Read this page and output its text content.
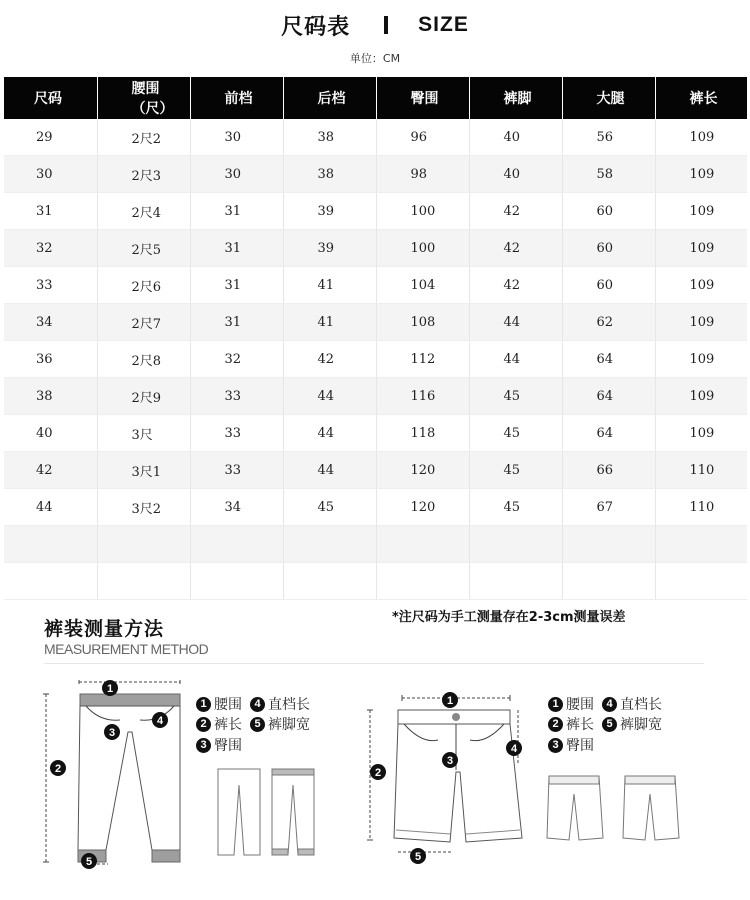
尺码表	SIZE
单位：CM
尺码	腰围（尺）	前档	后档	臀围	裤脚	大腿	裤长
29	2尺2	30	38	96	40	56	109
30	2尺3	30	38	98	40	58	109
31	2尺4	31	39	100	42	60	109
32	2尺5	31	39	100	42	60	109
33	2尺6	31	41	104	42	60	109
34	2尺7	31	41	108	44	62	109
36	2尺8	32	42	112	44	64	109
38	2尺9	33	44	116	45	64	109
40	3尺	33	44	118	45	64	109
42	3尺1	33	44	120	45	66	110
44	3尺2	34	45	120	45	67	110

裤装测量方法
MEASUREMENT METHOD
*注尺码为手工测量存在2-3cm测量误差
1
2
3
4
5
1 腰围	4 直档长
2 裤长	5 裤脚宽
3 臀围
1
2
3
4
5
1 腰围	4 直档长
2 裤长	5 裤脚宽
3 臀围
